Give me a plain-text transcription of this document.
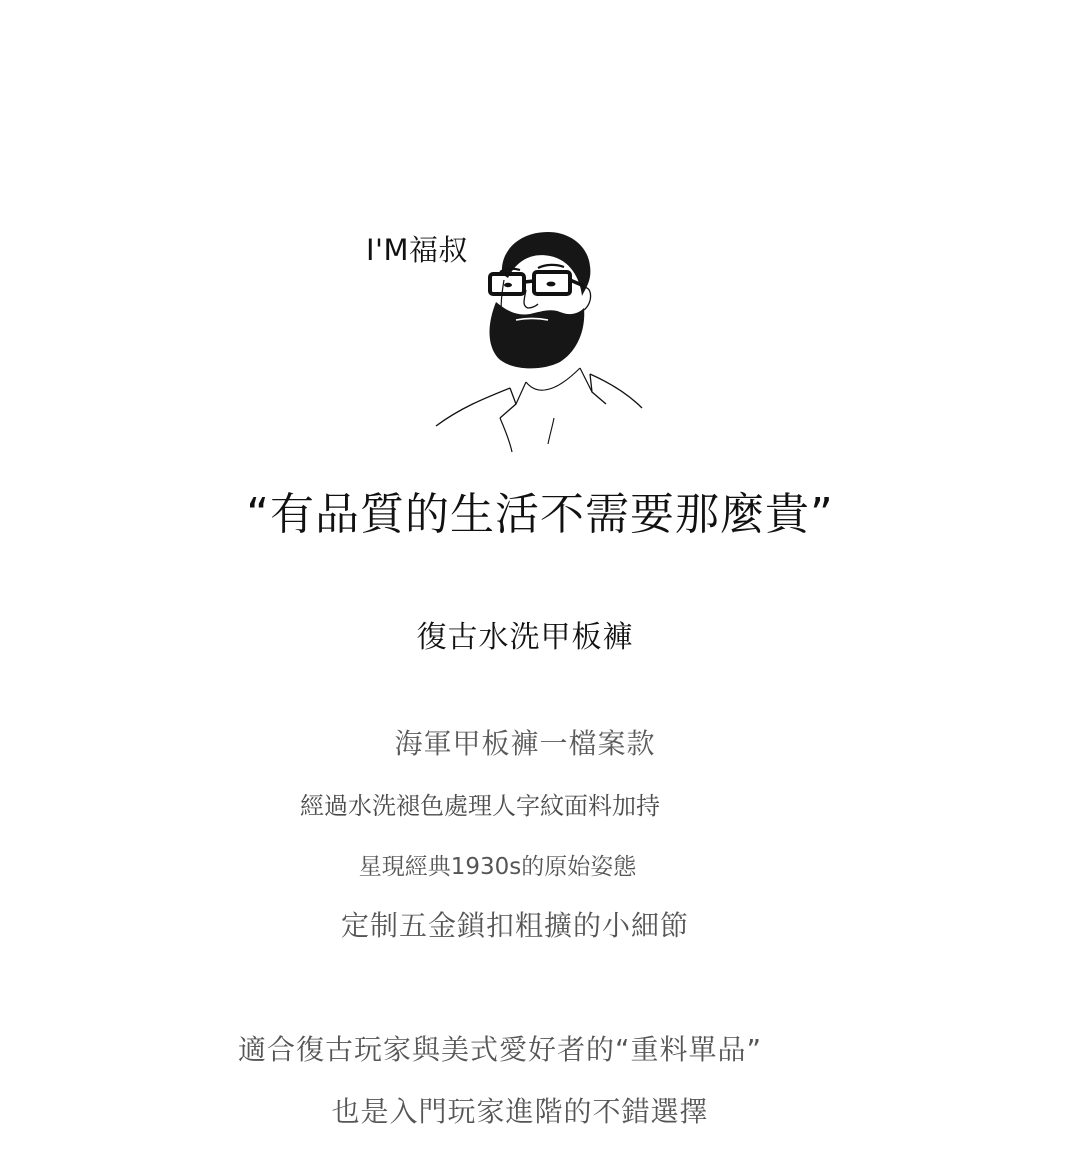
I'M福叔
“有品質的生活不需要那麼貴”
復古水洗甲板褲
海軍甲板褲一檔案款
經過水洗褪色處理人字紋面料加持
星現經典1930s的原始姿態
定制五金鎖扣粗擴的小細節
適合復古玩家與美式愛好者的“重料單品”
也是入門玩家進階的不錯選擇
